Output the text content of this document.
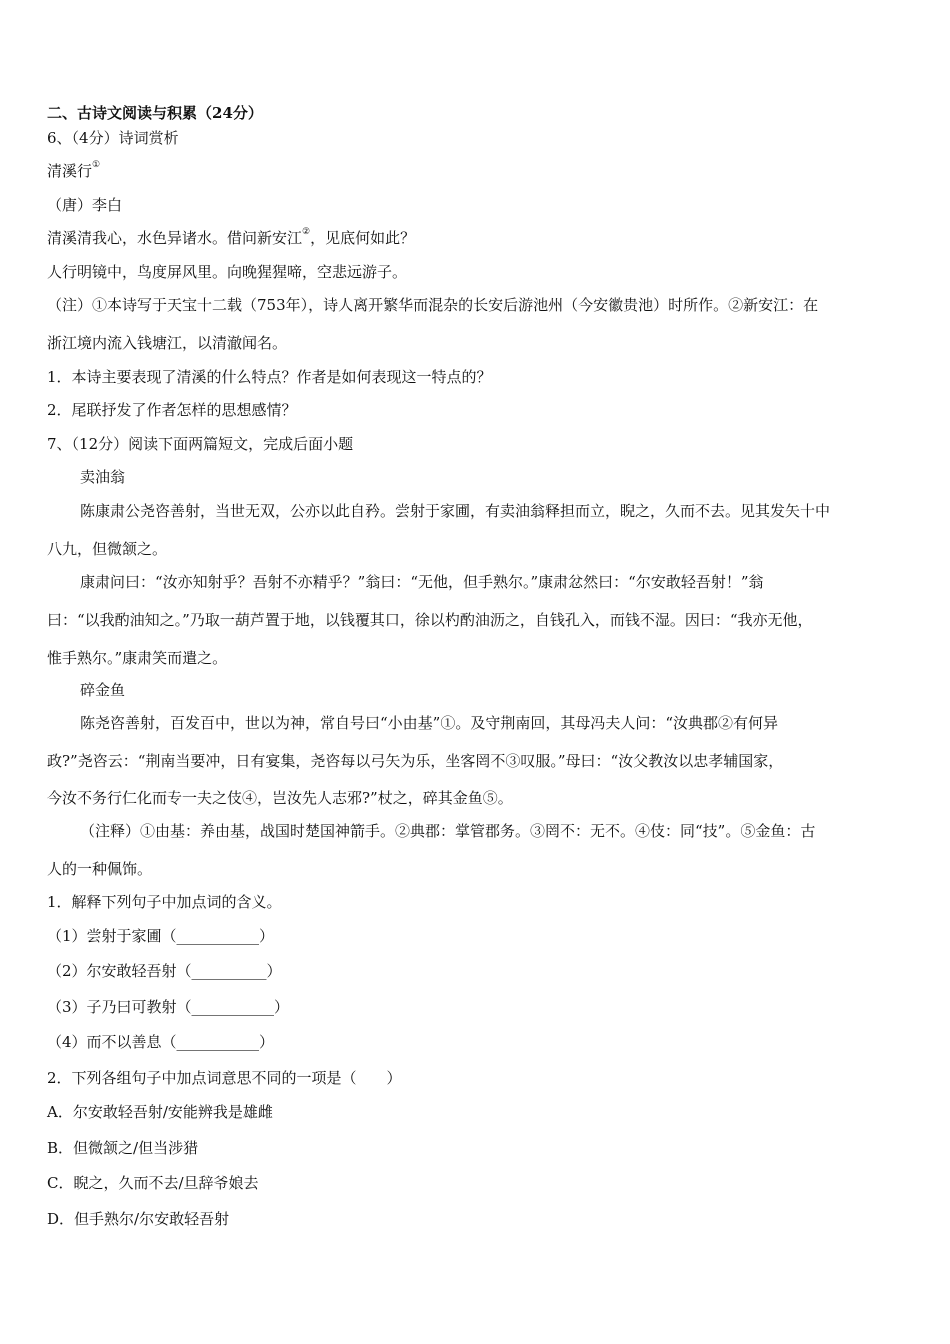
二、古诗文阅读与积累（24分）
6、（4分）诗词赏析
清溪行①
（唐）李白
清溪清我心，水色异诸水。借问新安江②，见底何如此？
人行明镜中，鸟度屏风里。向晚猩猩啼，空悲远游子。
（注）①本诗写于天宝十二载（753年），诗人离开繁华而混杂的长安后游池州（今安徽贵池）时所作。②新安江：在
浙江境内流入钱塘江，以清澈闻名。
1．本诗主要表现了清溪的什么特点？作者是如何表现这一特点的？
2．尾联抒发了作者怎样的思想感情？
7、（12分）阅读下面两篇短文，完成后面小题
卖油翁
陈康肃公尧咨善射，当世无双，公亦以此自矜。尝射于家圃，有卖油翁释担而立，睨之，久而不去。见其发矢十中
八九，但微颔之。
康肃问曰：“汝亦知射乎？吾射不亦精乎？”翁曰：“无他，但手熟尔。”康肃忿然曰：“尔安敢轻吾射！”翁
曰：“以我酌油知之。”乃取一葫芦置于地，以钱覆其口，徐以杓酌油沥之，自钱孔入，而钱不湿。因曰：“我亦无他，
惟手熟尔。”康肃笑而遣之。
碎金鱼
陈尧咨善射，百发百中，世以为神，常自号曰“小由基”①。及守荆南回，其母冯夫人问：“汝典郡②有何异
政?”尧咨云：“荆南当要冲，日有宴集，尧咨每以弓矢为乐，坐客罔不③叹服。”母曰：“汝父教汝以忠孝辅国家，
今汝不务行仁化而专一夫之伎④，岂汝先人志邪?”杖之，碎其金鱼⑤。
（注释）①由基：养由基，战国时楚国神箭手。②典郡：掌管郡务。③罔不：无不。④伎：同“技”。⑤金鱼：古
人的一种佩饰。
1．解释下列句子中加点词的含义。
（1）尝射于家圃（___________）
（2）尔安敢轻吾射（__________）
（3）子乃曰可教射（___________）
（4）而不以善息（___________）
2．下列各组句子中加点词意思不同的一项是（　　）
A．尔安敢轻吾射/安能辨我是雄雌
B．但微颔之/但当涉猎
C．睨之，久而不去/旦辞爷娘去
D．但手熟尔/尔安敢轻吾射
